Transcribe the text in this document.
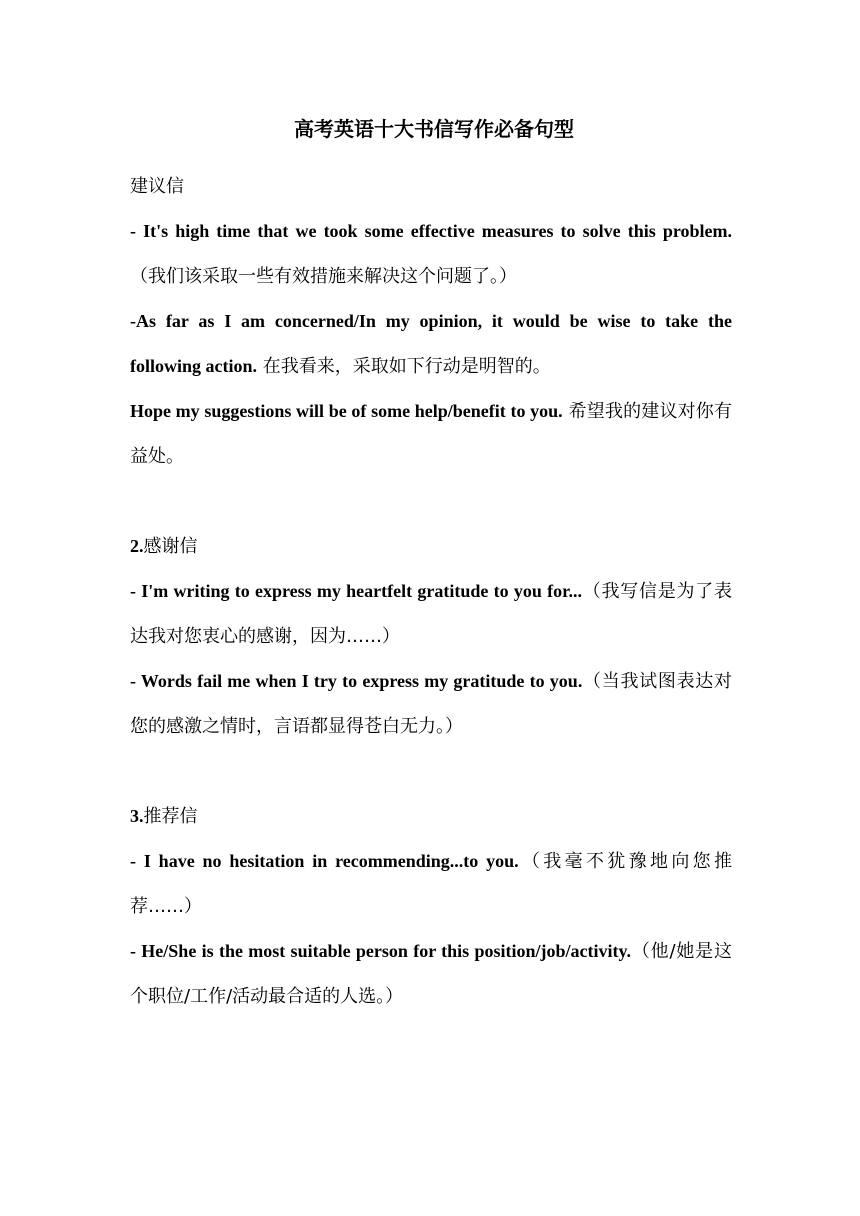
高考英语十大书信写作必备句型

建议信

- It's high time that we took some effective measures to solve this problem.（我们该采取一些有效措施来解决这个问题了。）

-As far as I am concerned/In my opinion, it would be wise to take the following action. 在我看来，采取如下行动是明智的。

Hope my suggestions will be of some help/benefit to you. 希望我的建议对你有益处。

2.感谢信

- I'm writing to express my heartfelt gratitude to you for...（我写信是为了表达我对您衷心的感谢，因为……）

- Words fail me when I try to express my gratitude to you.（当我试图表达对您的感激之情时，言语都显得苍白无力。）

3.推荐信

- I have no hesitation in recommending...to you.（我毫不犹豫地向您推荐……）

- He/She is the most suitable person for this position/job/activity.（他/她是这个职位/工作/活动最合适的人选。）
